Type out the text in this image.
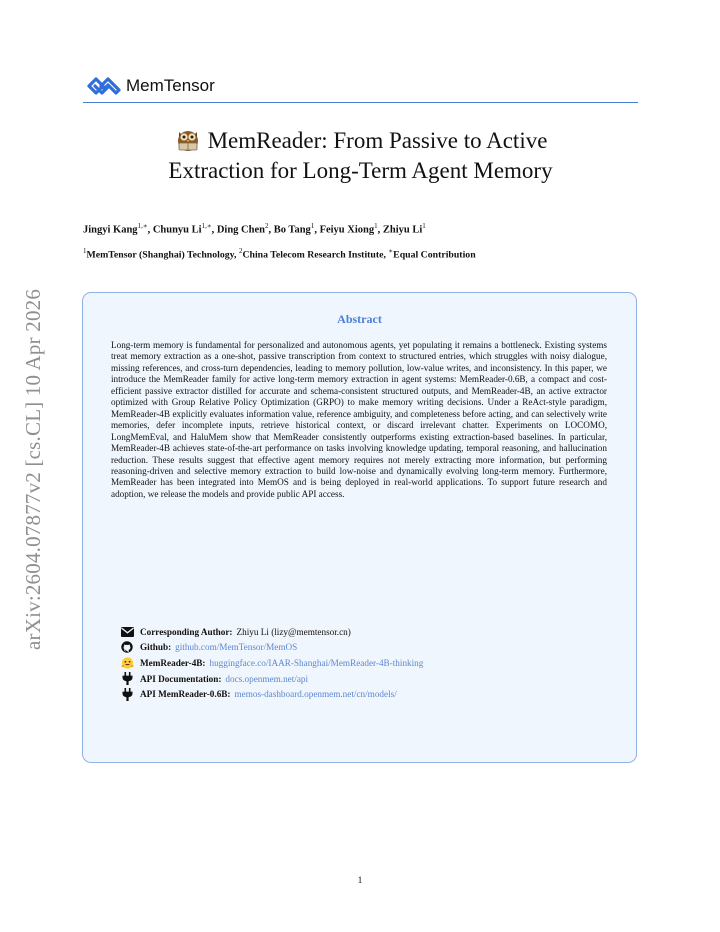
arXiv:2604.07877v2 [cs.CL] 10 Apr 2026
MemTensor
MemReader: From Passive to Active
Extraction for Long-Term Agent Memory
Jingyi Kang$^{1,∗}$, Chunyu $Li^{1,∗}$, Ding Chen$^2$, Bo Tang$^1$, Feiyu Xiong$^1$, Zhiyu Li$^1$
$^1$MemTensor (Shanghai) Technology, $^2$China Telecom Research Institute, ∗Equal Contribution
Abstract
Long-term memory is fundamental for personalized and autonomous agents, yet populating it remains a bottleneck. Existing systems treat memory extraction as a one-shot, passive transcription from context to structured entries, which struggles with noisy dialogue, missing references, and cross-turn dependencies, leading to memory pollution, low-value writes, and inconsistency. In this paper, we introduce the MemReader family for active long-term memory extraction in agent systems: MemReader-0.6B, a compact and cost-efficient passive extractor distilled for accurate and schema-consistent structured outputs, and MemReader-4B, an active extractor optimized with Group Relative Policy Optimization (GRPO) to make memory writing decisions. Under a ReAct-style paradigm, MemReader-4B explicitly evaluates information value, reference ambiguity, and completeness before acting, and can selectively write memories, defer incomplete inputs, retrieve historical context, or discard irrelevant chatter. Experiments on LOCOMO, LongMemEval, and HaluMem show that MemReader consistently outperforms existing extraction-based baselines. In particular, MemReader-4B achieves state-of-the-art performance on tasks involving knowledge updating, temporal reasoning, and hallucination reduction. These results suggest that effective agent memory requires not merely extracting more information, but performing reasoning-driven and selective memory extraction to build low-noise and dynamically evolving long-term memory. Furthermore, MemReader has been integrated into MemOS and is being deployed in real-world applications. To support future research and adoption, we release the models and provide public API access.
Corresponding Author: Zhiyu Li (lizy@memtensor.cn)
Github: github.com/MemTensor/MemOS
MemReader-4B: huggingface.co/IAAR-Shanghai/MemReader-4B-thinking
API Documentation: docs.openmem.net/api
API MemReader-0.6B: memos-dashboard.openmem.net/cn/models/
1
